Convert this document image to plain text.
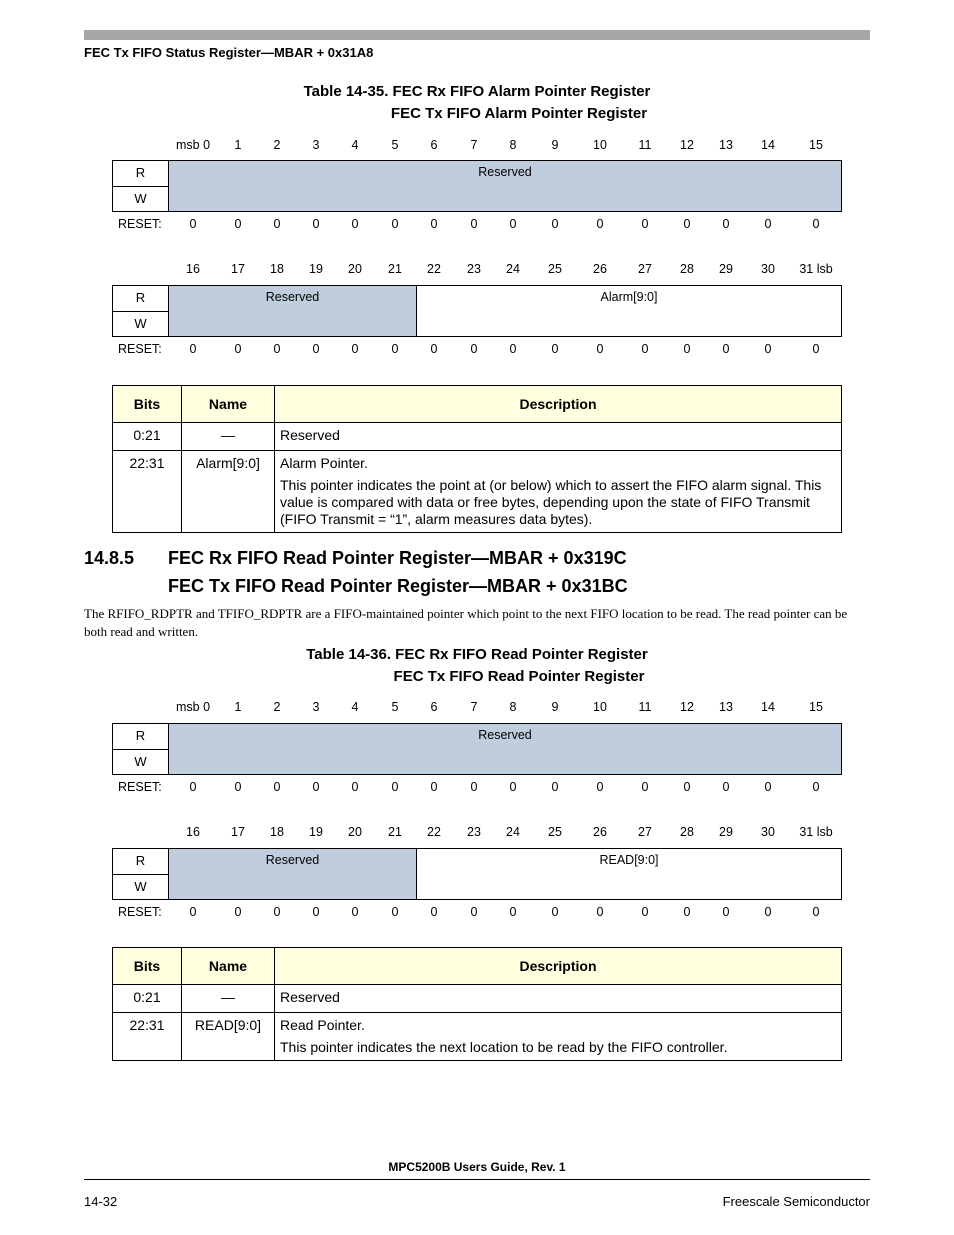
FEC Tx FIFO Status Register—MBAR + 0x31A8
Table 14-35. FEC Rx FIFO Alarm Pointer Register
FEC Tx FIFO Alarm Pointer Register
msb 0 1	2	3	4	5	6	7	8	9	10	11 12 13 14	15
R
W
Reserved
RESET: 0	0	0	0	0	0	0	0	0	0	0	0	0	0	0	0
16 17 18 19 20 21 22 23 24 25 26 27 28 29 30 31 lsb
R
W
Reserved	Alarm[9:0]
RESET: 0	0	0	0	0	0	0	0	0	0	0	0	0	0	0	0
Bits	Name	Description
0:21	—	Reserved
22:31	Alarm[9:0]	Alarm Pointer.

This pointer indicates the point at (or below) which to assert the FIFO alarm signal. This value is compared with data or free bytes, depending upon the state of FIFO Transmit (FIFO Transmit = “1”, alarm measures data bytes).

14.8.5 FEC Rx FIFO Read Pointer Register—MBAR + 0x319C
FEC Tx FIFO Read Pointer Register—MBAR + 0x31BC
The RFIFO_RDPTR and TFIFO_RDPTR are a FIFO-maintained pointer which point to the next FIFO location to be read. The read pointer can be both read and written.
Table 14-36. FEC Rx FIFO Read Pointer Register
FEC Tx FIFO Read Pointer Register
msb 0 1	2	3	4	5	6	7	8	9	10	11 12 13 14	15
R
W
Reserved
RESET: 0	0	0	0	0	0	0	0	0	0	0	0	0	0	0	0
16 17 18 19 20 21 22 23 24 25 26 27 28 29 30 31 lsb
R
W
Reserved	READ[9:0]
RESET: 0	0	0	0	0	0	0	0	0	0	0	0	0	0	0	0
Bits	Name	Description
0:21	—	Reserved
22:31	READ[9:0]	Read Pointer.

This pointer indicates the next location to be read by the FIFO controller.

MPC5200B Users Guide, Rev. 1
14-32	Freescale Semiconductor
